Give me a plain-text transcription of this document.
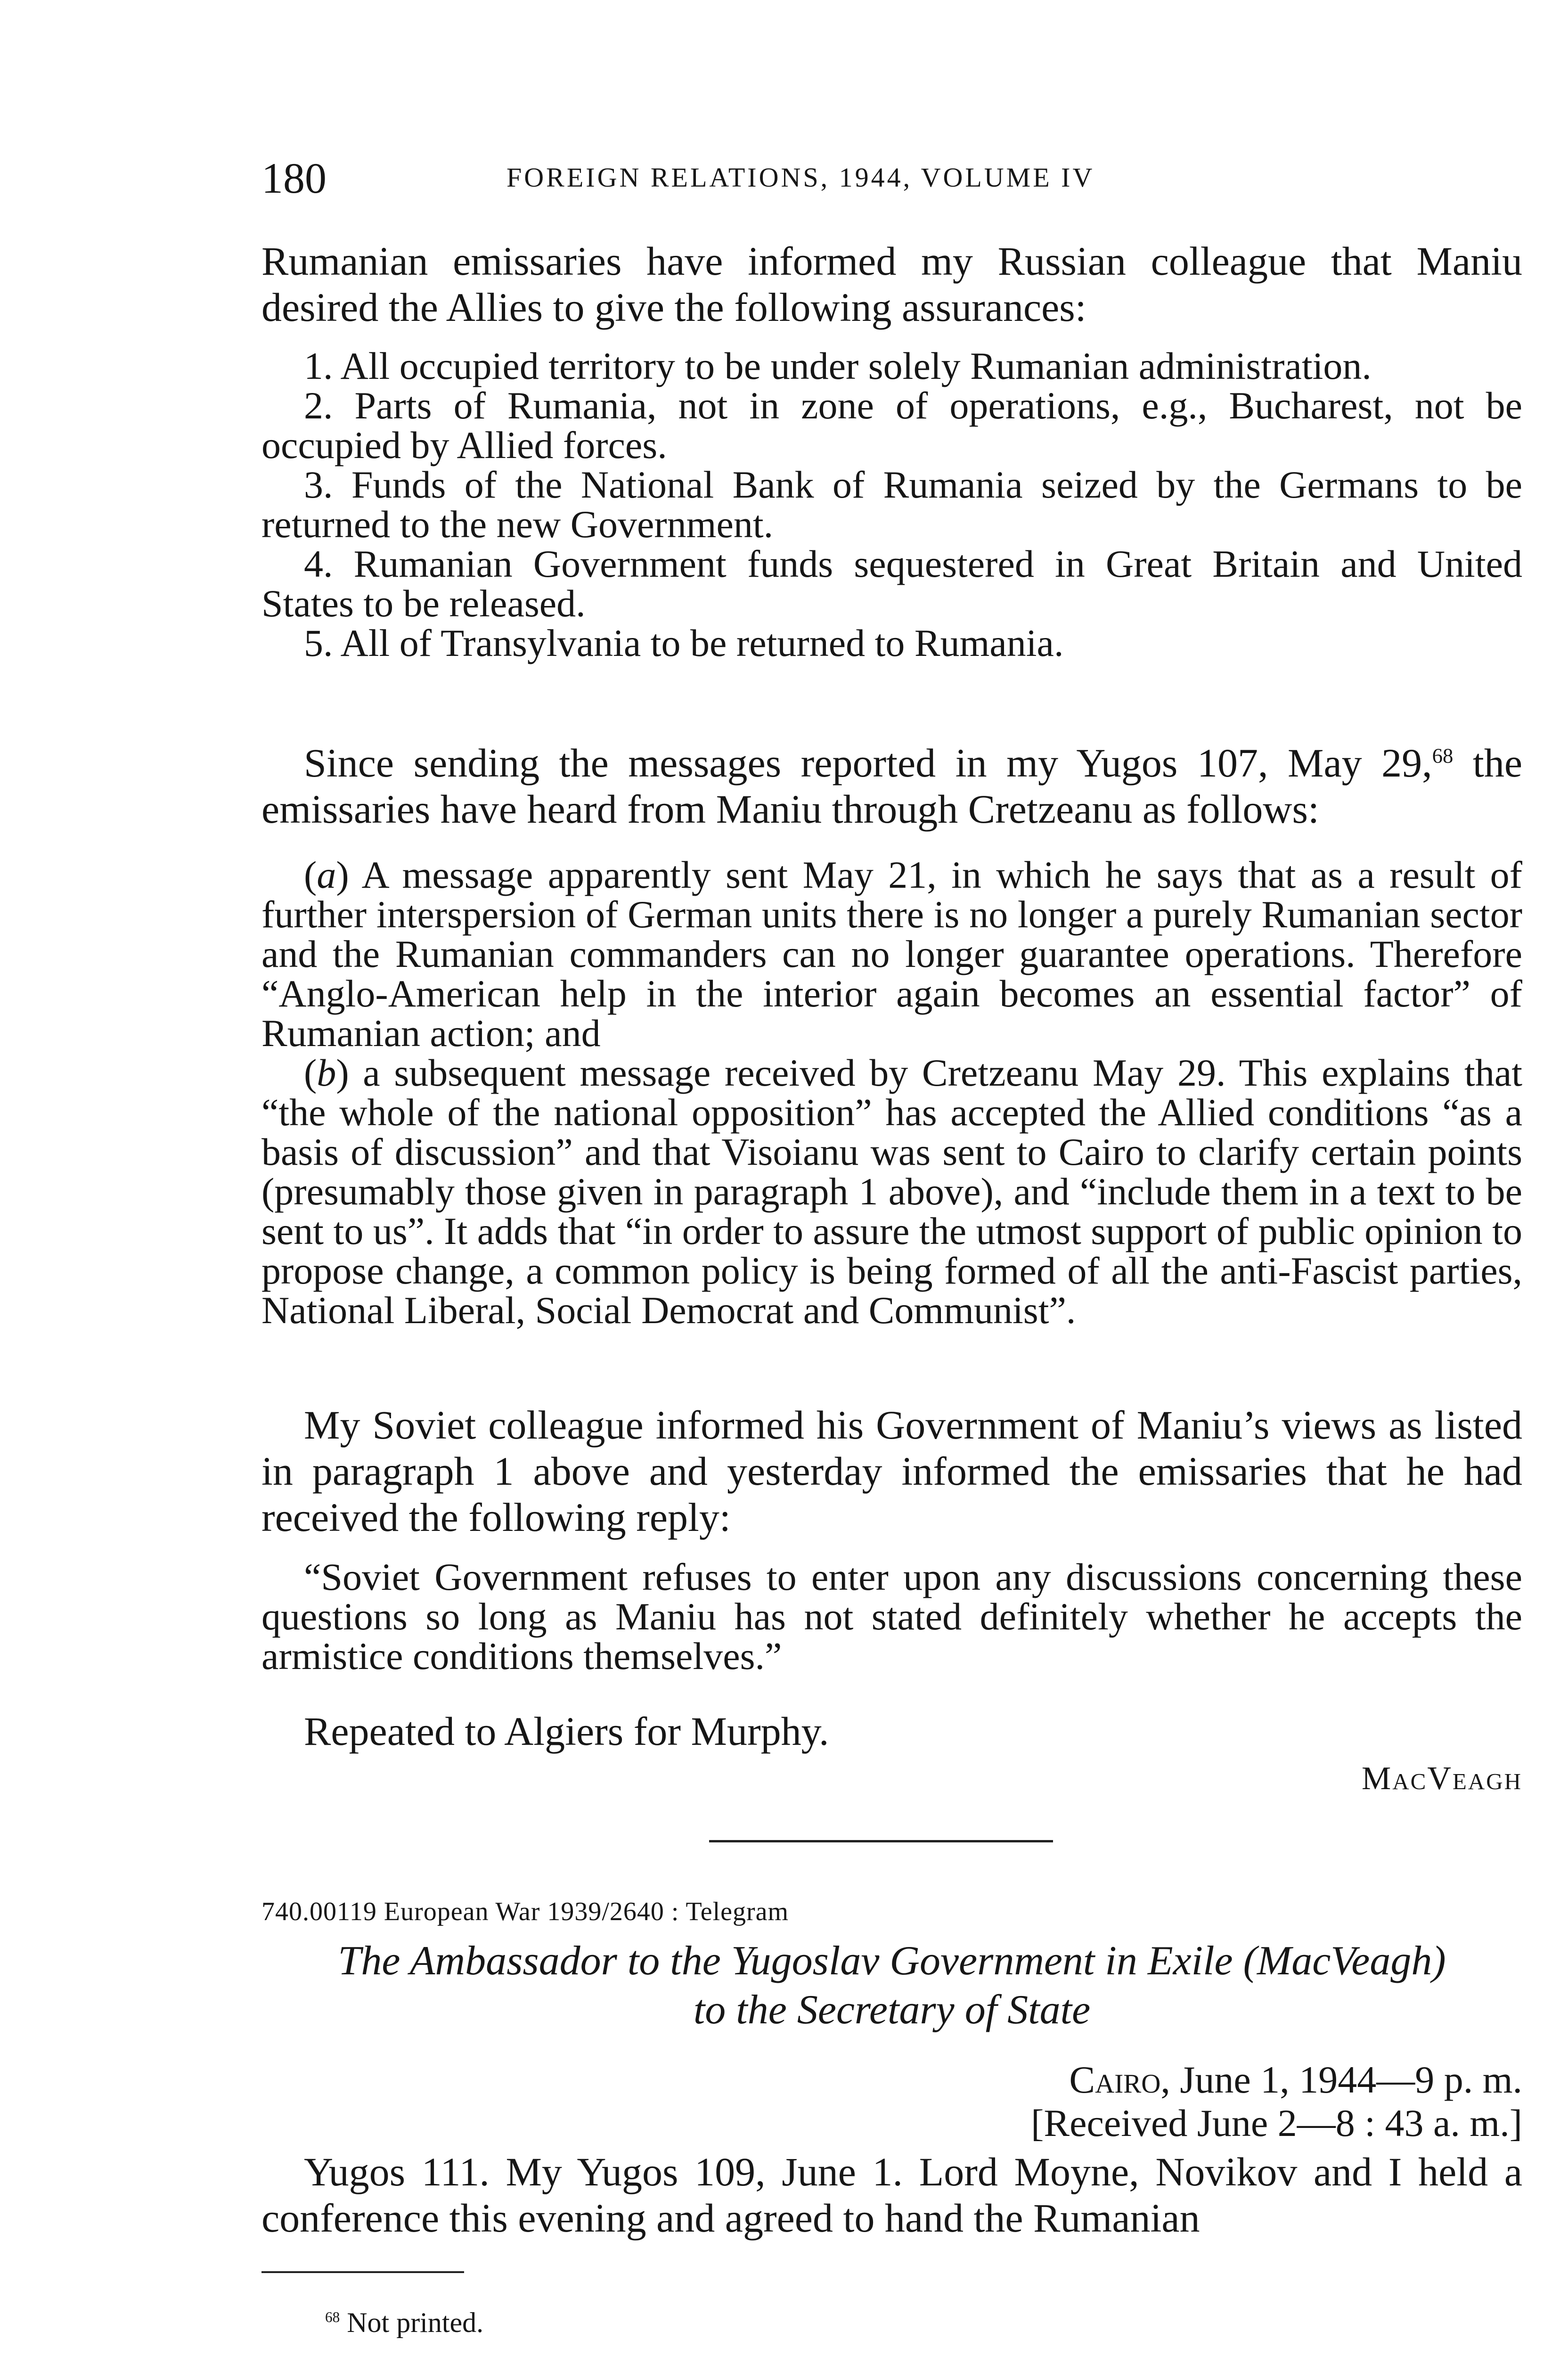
180	FOREIGN RELATIONS, 1944, VOLUME IV

Rumanian emissaries have informed my Russian colleague that Maniu desired the Allies to give the following assurances:

1. All occupied territory to be under solely Rumanian administration.
2. Parts of Rumania, not in zone of operations, e.g., Bucharest, not be occupied by Allied forces.
3. Funds of the National Bank of Rumania seized by the Germans to be returned to the new Government.
4. Rumanian Government funds sequestered in Great Britain and United States to be released.
5. All of Transylvania to be returned to Rumania.

Since sending the messages reported in my Yugos 107, May 29,68 the emissaries have heard from Maniu through Cretzeanu as follows:

(a) A message apparently sent May 21, in which he says that as a result of further interspersion of German units there is no longer a purely Rumanian sector and the Rumanian commanders can no longer guarantee operations. Therefore “Anglo-American help in the interior again becomes an essential factor” of Rumanian action; and

(b) a subsequent message received by Cretzeanu May 29. This explains that “the whole of the national opposition” has accepted the Allied conditions “as a basis of discussion” and that Visoianu was sent to Cairo to clarify certain points (presumably those given in paragraph 1 above), and “include them in a text to be sent to us”. It adds that “in order to assure the utmost support of public opinion to propose change, a common policy is being formed of all the anti-Fascist parties, National Liberal, Social Democrat and Communist”.

My Soviet colleague informed his Government of Maniu’s views as listed in paragraph 1 above and yesterday informed the emissaries that he had received the following reply:

“Soviet Government refuses to enter upon any discussions concerning these questions so long as Maniu has not stated definitely whether he accepts the armistice conditions themselves.”

Repeated to Algiers for Murphy.

MacVeagh
740.00119 European War 1939/2640 : Telegram

The Ambassador to the Yugoslav Government in Exile (MacVeagh)
to the Secretary of State

Cairo, June 1, 1944—9 p. m.
[Received June 2—8 : 43 a. m.]

Yugos 111. My Yugos 109, June 1. Lord Moyne, Novikov and I held a conference this evening and agreed to hand the Rumanian

$^{68}$ Not printed.
